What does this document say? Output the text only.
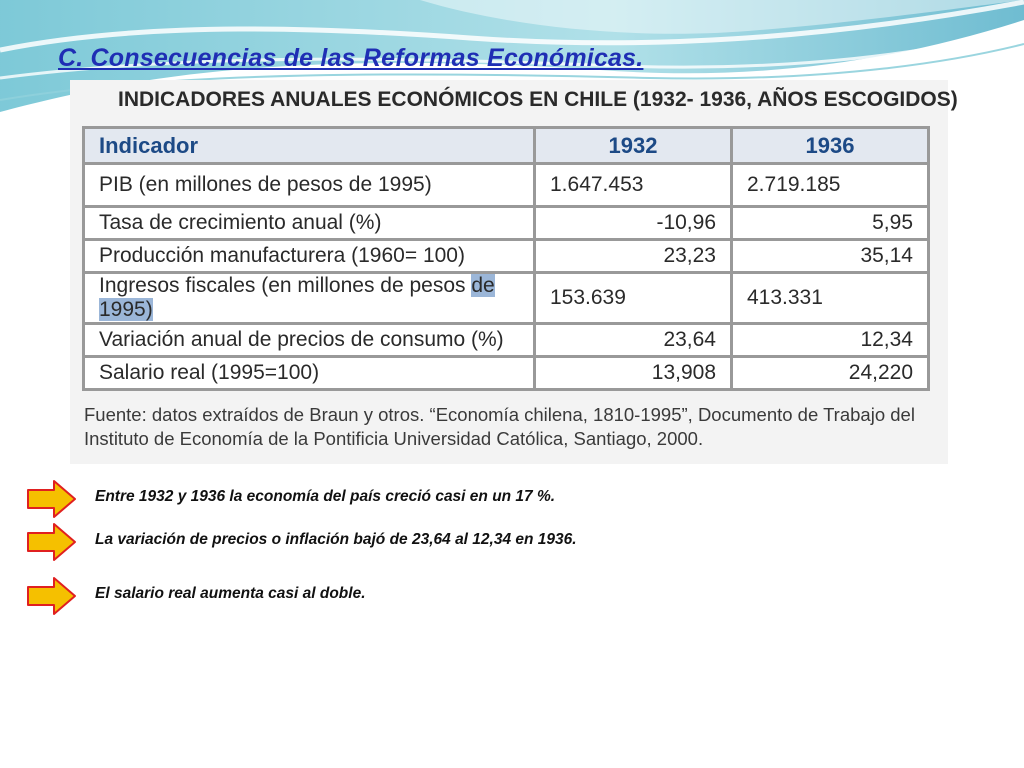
C. Consecuencias de las Reformas Económicas.
INDICADORES ANUALES ECONÓMICOS EN CHILE (1932- 1936, AÑOS ESCOGIDOS)
Indicador	1932	1936
PIB (en millones de pesos de 1995)	1.647.453	2.719.185
Tasa de crecimiento anual (%)	-10,96	5,95
Producción manufacturera (1960= 100)	23,23	35,14
Ingresos fiscales (en millones de pesos de 1995)	153.639	413.331
Variación anual de precios de consumo (%)	23,64	12,34
Salario real (1995=100)	13,908	24,220

Fuente: datos extraídos de Braun y otros. “Economía chilena, 1810-1995”, Documento de Trabajo del Instituto de Economía de la Pontificia Universidad Católica, Santiago, 2000.

Entre 1932 y 1936 la economía del país creció casi en un 17 %.

La variación de precios o inflación bajó de 23,64 al 12,34 en 1936.

El salario real aumenta casi al doble.
